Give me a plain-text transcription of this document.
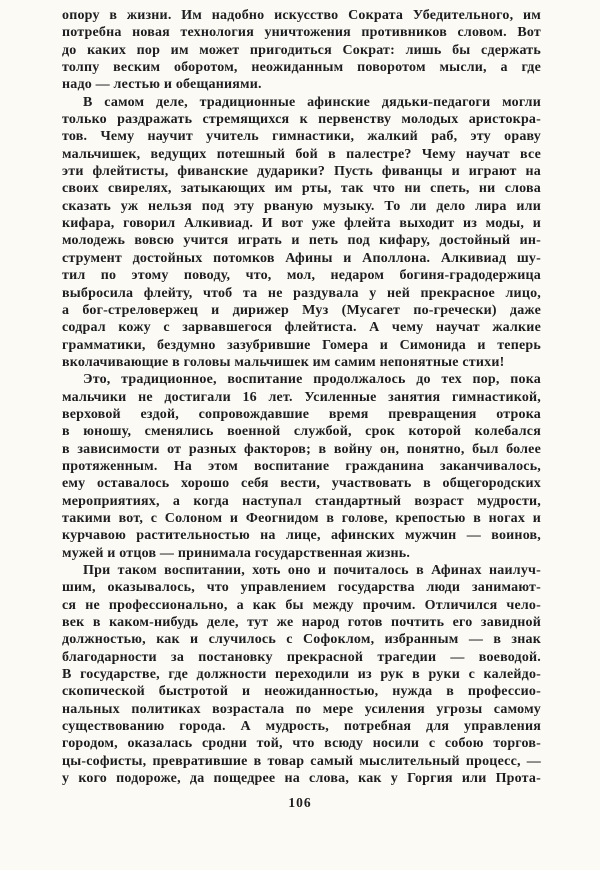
опору в жизни. Им надобно искусство Сократа Убедительного, им
потребна новая технология уничтожения противников словом. Вот
до каких пор им может пригодиться Сократ: лишь бы сдержать
толпу веским оборотом, неожиданным поворотом мысли, а где
надо — лестью и обещаниями.
В самом деле, традиционные афинские дядьки-педагоги могли
только раздражать стремящихся к первенству молодых аристокра-
тов. Чему научит учитель гимнастики, жалкий раб, эту ораву
мальчишек, ведущих потешный бой в палестре? Чему научат все
эти флейтисты, фиванские дударики? Пусть фиванцы и играют на
своих свирелях, затыкающих им рты, так что ни спеть, ни слова
сказать уж нельзя под эту рваную музыку. То ли дело лира или
кифара, говорил Алкивиад. И вот уже флейта выходит из моды, и
молодежь вовсю учится играть и петь под кифару, достойный ин-
струмент достойных потомков Афины и Аполлона. Алкивиад шу-
тил по этому поводу, что, мол, недаром богиня-градодержица
выбросила флейту, чтоб та не раздувала у ней прекрасное лицо,
а бог-стреловержец и дирижер Муз (Мусагет по-гречески) даже
содрал кожу с зарвавшегося флейтиста. А чему научат жалкие
грамматики, бездумно зазубрившие Гомера и Симонида и теперь
вколачивающие в головы мальчишек им самим непонятные стихи!
Это, традиционное, воспитание продолжалось до тех пор, пока
мальчики не достигали 16 лет. Усиленные занятия гимнастикой,
верховой ездой, сопровождавшие время превращения отрока
в юношу, сменялись военной службой, срок которой колебался
в зависимости от разных факторов; в войну он, понятно, был более
протяженным. На этом воспитание гражданина заканчивалось,
ему оставалось хорошо себя вести, участвовать в общегородских
мероприятиях, а когда наступал стандартный возраст мудрости,
такими вот, с Солоном и Феогнидом в голове, крепостью в ногах и
курчавою растительностью на лице, афинских мужчин — воинов,
мужей и отцов — принимала государственная жизнь.
При таком воспитании, хоть оно и почиталось в Афинах наилуч-
шим, оказывалось, что управлением государства люди занимают-
ся не профессионально, а как бы между прочим. Отличился чело-
век в каком-нибудь деле, тут же народ готов почтить его завидной
должностью, как и случилось с Софоклом, избранным — в знак
благодарности за постановку прекрасной трагедии — воеводой.
В государстве, где должности переходили из рук в руки с калейдо-
скопической быстротой и неожиданностью, нужда в профессио-
нальных политиках возрастала по мере усиления угрозы самому
существованию города. А мудрость, потребная для управления
городом, оказалась сродни той, что всюду носили с собою торгов-
цы-софисты, превратившие в товар самый мыслительный процесс, —
у кого подороже, да пощедрее на слова, как у Горгия или Прота-
106
